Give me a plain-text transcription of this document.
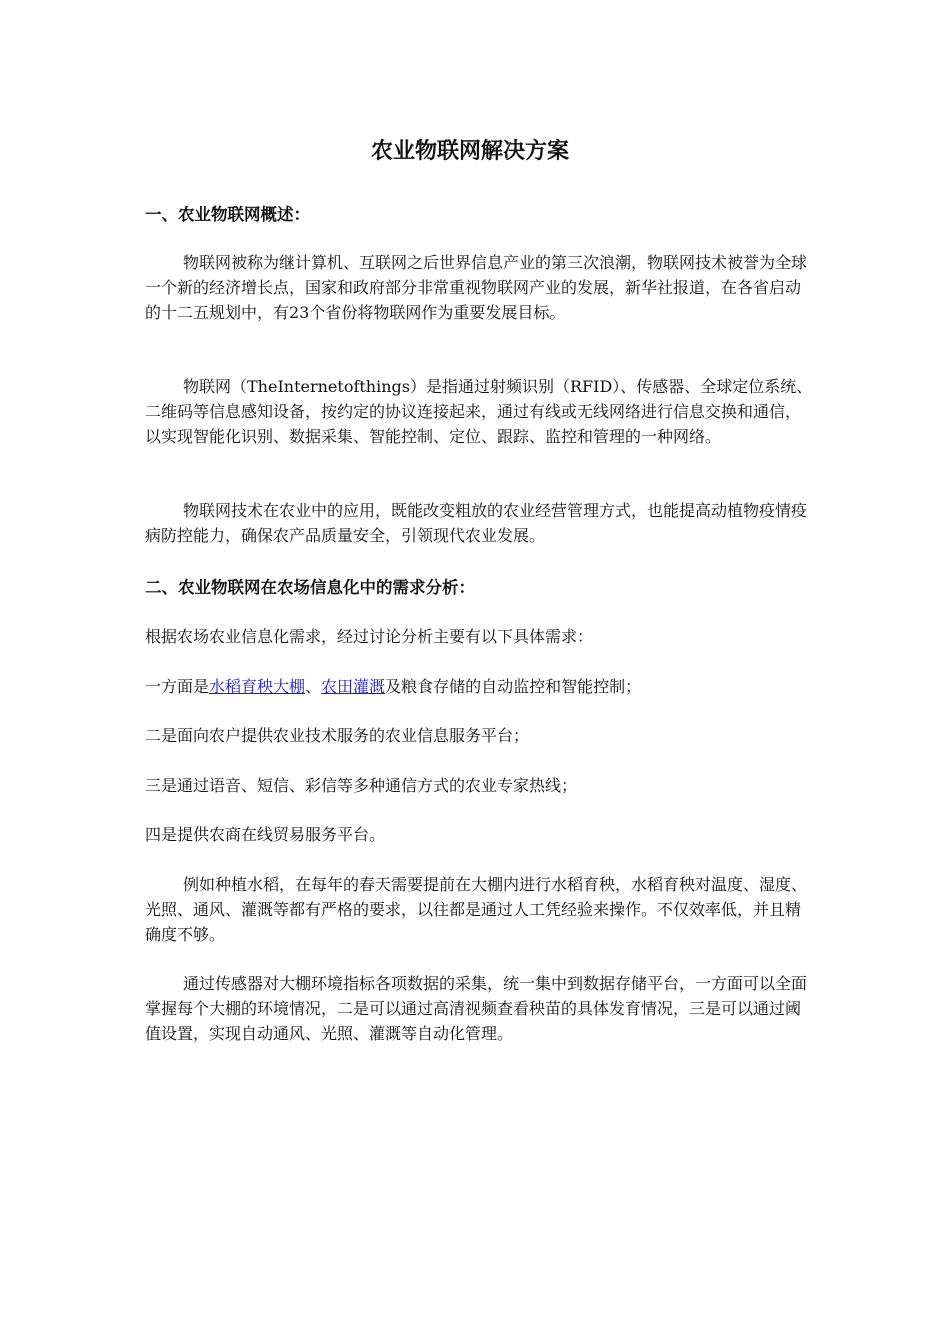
农业物联网解决方案
一、农业物联网概述：

物联网被称为继计算机、互联网之后世界信息产业的第三次浪潮，物联网技术被誉为全球一个新的经济增长点，国家和政府部分非常重视物联网产业的发展，新华社报道，在各省启动的十二五规划中，有23个省份将物联网作为重要发展目标。

物联网（TheInternetofthings）是指通过射频识别（RFID）、传感器、全球定位系统、二维码等信息感知设备，按约定的协议连接起来，通过有线或无线网络进行信息交换和通信，以实现智能化识别、数据采集、智能控制、定位、跟踪、监控和管理的一种网络。

物联网技术在农业中的应用，既能改变粗放的农业经营管理方式，也能提高动植物疫情疫病防控能力，确保农产品质量安全，引领现代农业发展。

二、农业物联网在农场信息化中的需求分析：

根据农场农业信息化需求，经过讨论分析主要有以下具体需求：

一方面是水稻育秧大棚、农田灌溉及粮食存储的自动监控和智能控制；

二是面向农户提供农业技术服务的农业信息服务平台；

三是通过语音、短信、彩信等多种通信方式的农业专家热线；

四是提供农商在线贸易服务平台。

例如种植水稻，在每年的春天需要提前在大棚内进行水稻育秧，水稻育秧对温度、湿度、光照、通风、灌溉等都有严格的要求，以往都是通过人工凭经验来操作。不仅效率低，并且精确度不够。

通过传感器对大棚环境指标各项数据的采集，统一集中到数据存储平台，一方面可以全面掌握每个大棚的环境情况，二是可以通过高清视频查看秧苗的具体发育情况，三是可以通过阈值设置，实现自动通风、光照、灌溉等自动化管理。
